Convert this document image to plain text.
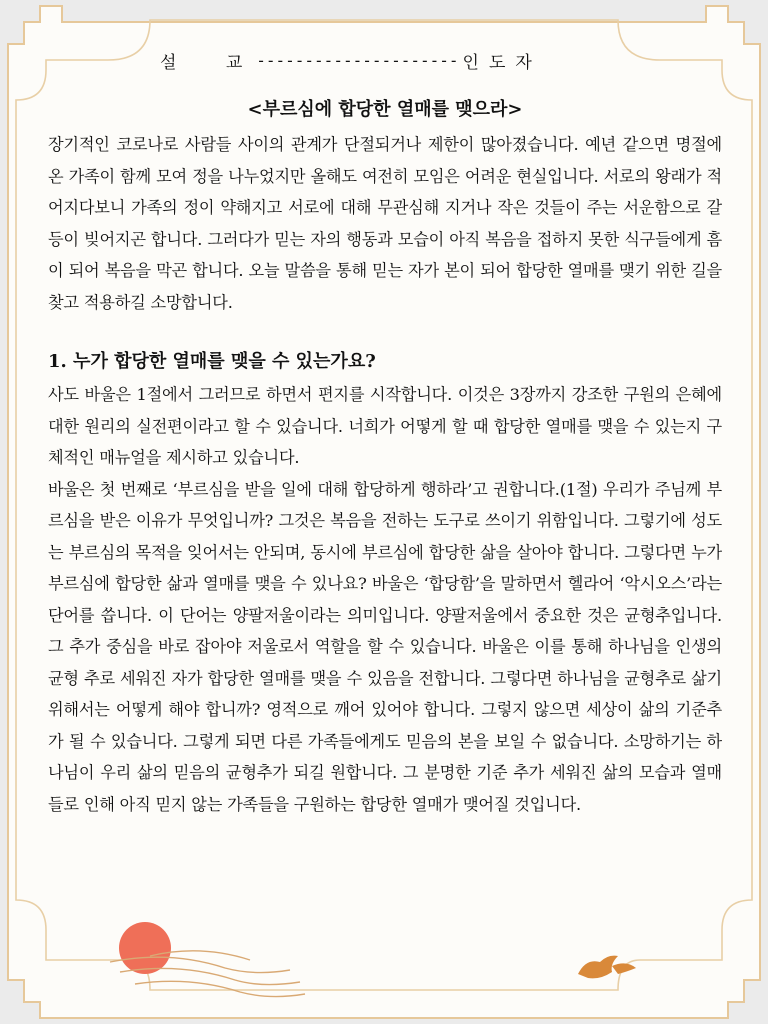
설 교
--------------------- 인도자
<부르심에 합당한 열매를 맺으라>

장기적인 코로나로 사람들 사이의 관계가 단절되거나 제한이 많아졌습니다. 예년 같으면 명절에 온 가족이 함께 모여 정을 나누었지만 올해도 여전히 모임은 어려운 현실입니다. 서로의 왕래가 적어지다보니 가족의 정이 약해지고 서로에 대해 무관심해 지거나 작은 것들이 주는 서운함으로 갈등이 빚어지곤 합니다. 그러다가 믿는 자의 행동과 모습이 아직 복음을 접하지 못한 식구들에게 흠이 되어 복음을 막곤 합니다. 오늘 말씀을 통해 믿는 자가 본이 되어 합당한 열매를 맺기 위한 길을 찾고 적용하길 소망합니다.

1. 누가 합당한 열매를 맺을 수 있는가요?

사도 바울은 1절에서 그러므로 하면서 편지를 시작합니다. 이것은 3장까지 강조한 구원의 은혜에 대한 원리의 실전편이라고 할 수 있습니다. 너희가 어떻게 할 때 합당한 열매를 맺을 수 있는지 구체적인 매뉴얼을 제시하고 있습니다.

바울은 첫 번째로 ‘부르심을 받을 일에 대해 합당하게 행하라’고 권합니다.(1절) 우리가 주님께 부르심을 받은 이유가 무엇입니까? 그것은 복음을 전하는 도구로 쓰이기 위함입니다. 그렇기에 성도는 부르심의 목적을 잊어서는 안되며, 동시에 부르심에 합당한 삶을 살아야 합니다. 그렇다면 누가 부르심에 합당한 삶과 열매를 맺을 수 있나요? 바울은 ‘합당함’을 말하면서 헬라어 ‘악시오스’라는 단어를 씁니다. 이 단어는 양팔저울이라는 의미입니다. 양팔저울에서 중요한 것은 균형추입니다. 그 추가 중심을 바로 잡아야 저울로서 역할을 할 수 있습니다. 바울은 이를 통해 하나님을 인생의 균형 추로 세워진 자가 합당한 열매를 맺을 수 있음을 전합니다. 그렇다면 하나님을 균형추로 삶기 위해서는 어떻게 해야 합니까? 영적으로 깨어 있어야 합니다. 그렇지 않으면 세상이 삶의 기준추가 될 수 있습니다. 그렇게 되면 다른 가족들에게도 믿음의 본을 보일 수 없습니다. 소망하기는 하나님이 우리 삶의 믿음의 균형추가 되길 원합니다. 그 분명한 기준 추가 세워진 삶의 모습과 열매들로 인해 아직 믿지 않는 가족들을 구원하는 합당한 열매가 맺어질 것입니다.
